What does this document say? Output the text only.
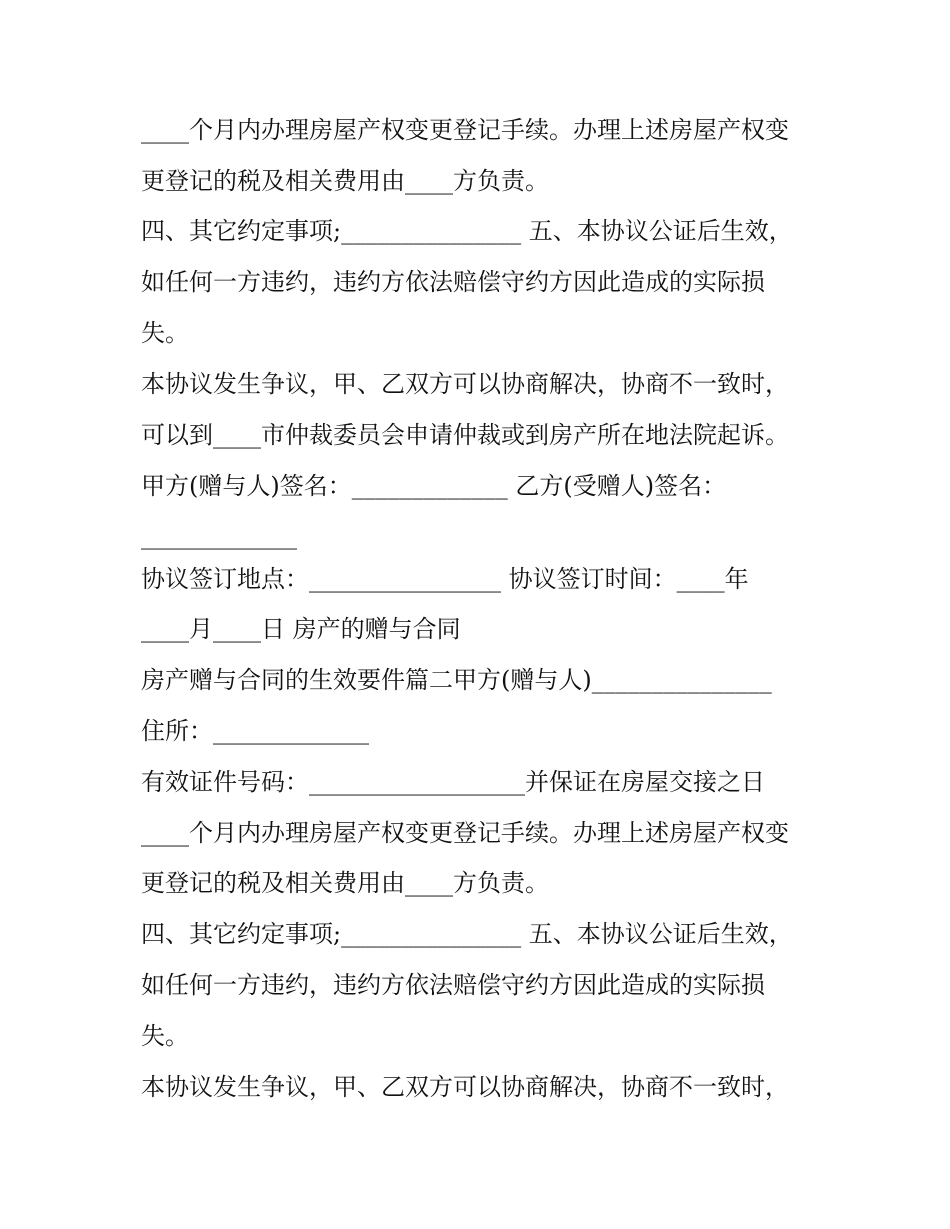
____个月内办理房屋产权变更登记手续。办理上述房屋产权变
更登记的税及相关费用由____方负责。
四、其它约定事项;_______________ 五、本协议公证后生效，
如任何一方违约，违约方依法赔偿守约方因此造成的实际损
失。
本协议发生争议，甲、乙双方可以协商解决，协商不一致时，
可以到____市仲裁委员会申请仲裁或到房产所在地法院起诉。
甲方(赠与人)签名：_____________ 乙方(受赠人)签名：
_____________
协议签订地点：________________ 协议签订时间：____年
____月____日 房产的赠与合同
房产赠与合同的生效要件篇二甲方(赠与人)_______________
住所：_____________
有效证件号码：__________________并保证在房屋交接之日
____个月内办理房屋产权变更登记手续。办理上述房屋产权变
更登记的税及相关费用由____方负责。
四、其它约定事项;_______________ 五、本协议公证后生效，
如任何一方违约，违约方依法赔偿守约方因此造成的实际损
失。
本协议发生争议，甲、乙双方可以协商解决，协商不一致时，
